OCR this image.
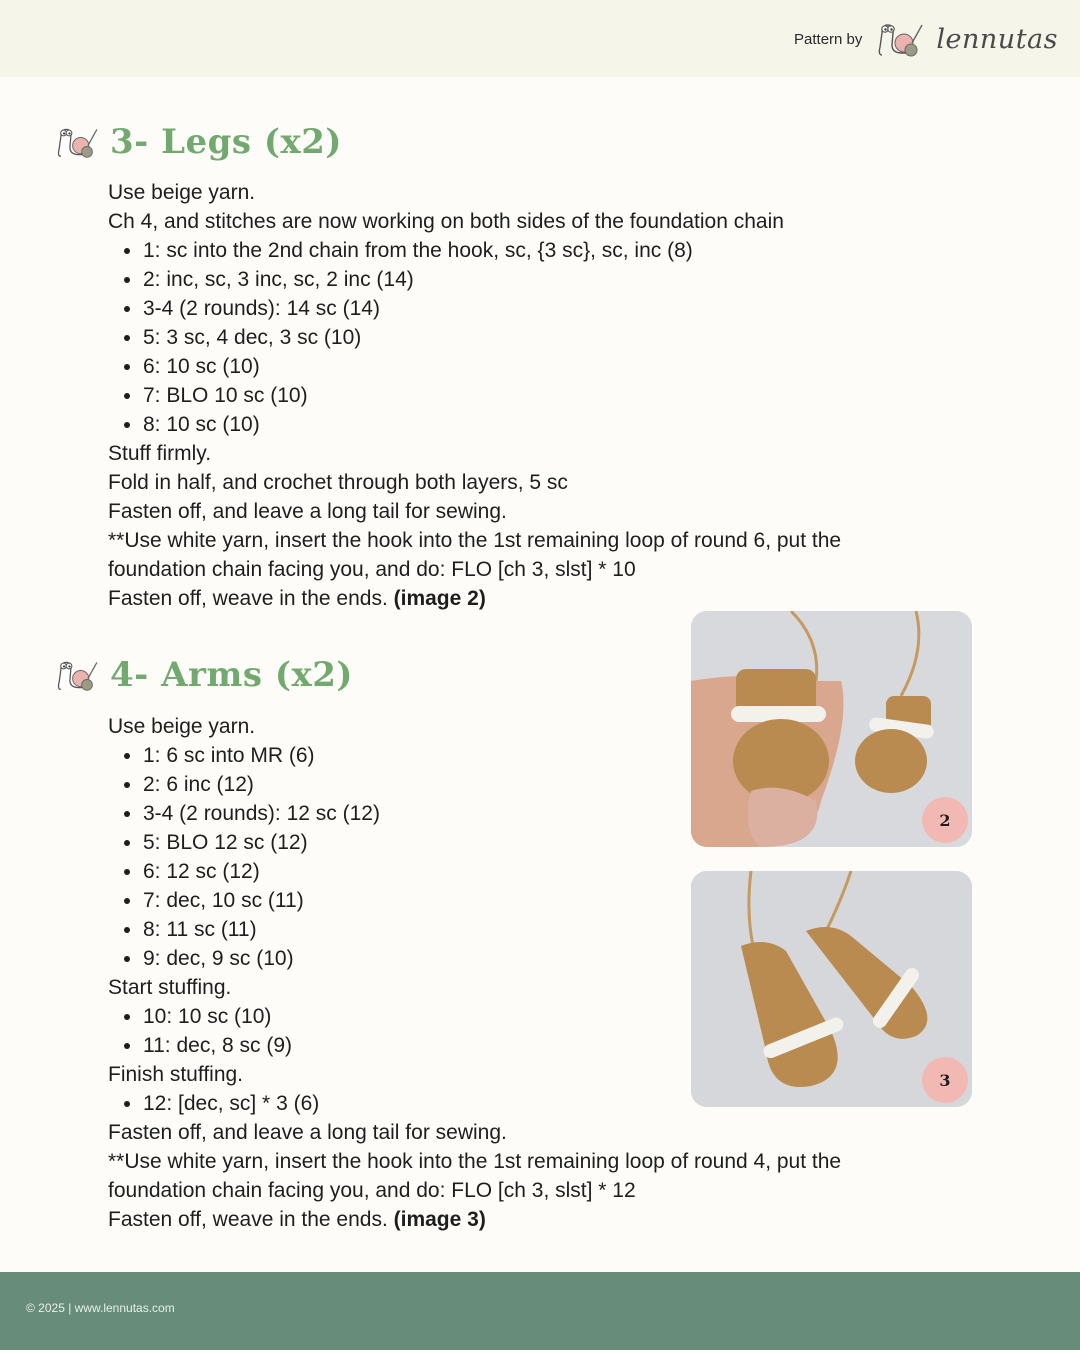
Pattern by	lennutas
3- Legs (x2)

Use beige yarn.

Ch 4, and stitches are now working on both sides of the foundation chain

• 1: sc into the 2nd chain from the hook, sc, {3 sc}, sc, inc (8)
• 2: inc, sc, 3 inc, sc, 2 inc (14)
• 3-4 (2 rounds): 14 sc (14)
• 5: 3 sc, 4 dec, 3 sc (10)
• 6: 10 sc (10)
• 7: BLO 10 sc (10)
• 8: 10 sc (10)

Stuff firmly.

Fold in half, and crochet through both layers, 5 sc

Fasten off, and leave a long tail for sewing.

**Use white yarn, insert the hook into the 1st remaining loop of round 6, put the foundation chain facing you, and do: FLO [ch 3, slst] * 10

Fasten off, weave in the ends. (image 2)

4- Arms (x2)

Use beige yarn.

• 1: 6 sc into MR (6)
• 2: 6 inc (12)
• 3-4 (2 rounds): 12 sc (12)
• 5: BLO 12 sc (12)
• 6: 12 sc (12)
• 7: dec, 10 sc (11)
• 8: 11 sc (11)
• 9: dec, 9 sc (10)

Start stuffing.

• 10: 10 sc (10)
• 11: dec, 8 sc (9)

Finish stuffing.

• 12: [dec, sc] * 3 (6)

Fasten off, and leave a long tail for sewing.

**Use white yarn, insert the hook into the 1st remaining loop of round 4, put the foundation chain facing you, and do: FLO [ch 3, slst] * 12

Fasten off, weave in the ends. (image 3)

2
3
© 2025 | www.lennutas.com
